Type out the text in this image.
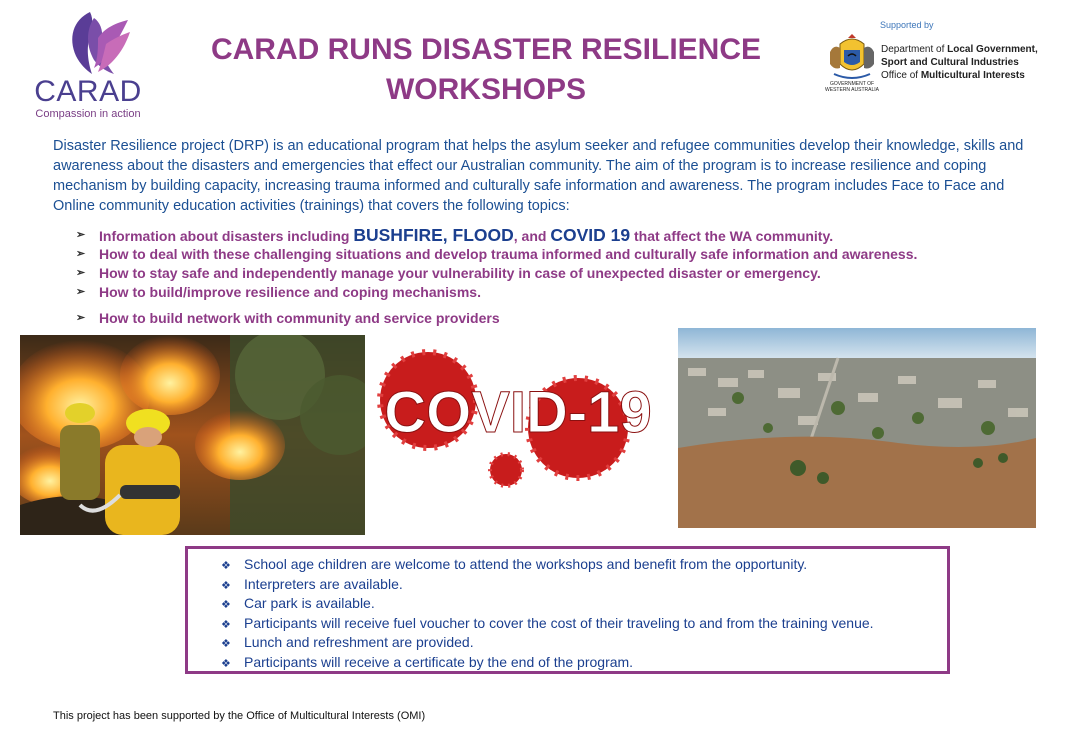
CARAD
Compassion in action
CARAD RUNS DISASTER RESILIENCE WORKSHOPS
Supported by
GOVERNMENT OF WESTERN AUSTRALIA
Department of Local Government,
Sport and Cultural Industries
Office of Multicultural Interests
Disaster Resilience project (DRP) is an educational program that helps the asylum seeker and refugee communities develop their knowledge, skills and awareness about the disasters and emergencies that effect our Australian community. The aim of the program is to increase resilience and coping mechanism by building capacity, increasing trauma informed and culturally safe information and awareness. The program includes Face to Face and Online community education activities (trainings) that covers the following topics:
➢ Information about disasters including BUSHFIRE, FLOOD, and COVID 19 that affect the WA community.
➢ How to deal with these challenging situations and develop trauma informed and culturally safe information and awareness.
➢ How to stay safe and independently manage your vulnerability in case of unexpected disaster or emergency.
➢ How to build/improve resilience and coping mechanisms.
➢ How to build network with community and service providers
COVID-19
❖ School age children are welcome to attend the workshops and benefit from the opportunity.
❖ Interpreters are available.
❖ Car park is available.
❖ Participants will receive fuel voucher to cover the cost of their traveling to and from the training venue.
❖ Lunch and refreshment are provided.
❖ Participants will receive a certificate by the end of the program.
This project has been supported by the Office of Multicultural Interests (OMI)
